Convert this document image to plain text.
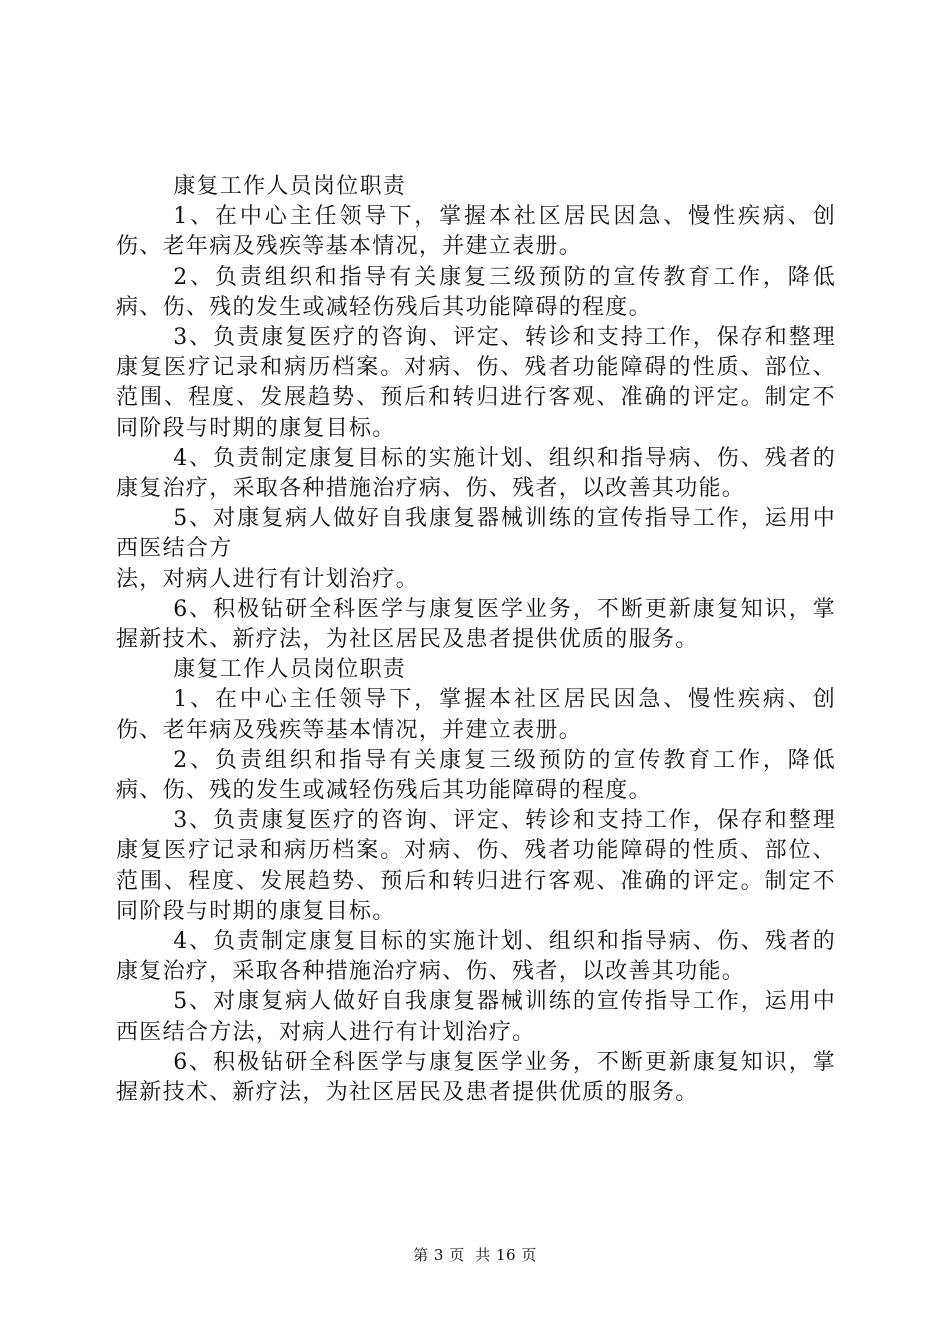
康复工作人员岗位职责

1、在中心主任领导下，掌握本社区居民因急、慢性疾病、创伤、老年病及残疾等基本情况，并建立表册。

2、负责组织和指导有关康复三级预防的宣传教育工作，降低病、伤、残的发生或减轻伤残后其功能障碍的程度。

3、负责康复医疗的咨询、评定、转诊和支持工作，保存和整理康复医疗记录和病历档案。对病、伤、残者功能障碍的性质、部位、范围、程度、发展趋势、预后和转归进行客观、准确的评定。制定不同阶段与时期的康复目标。

4、负责制定康复目标的实施计划、组织和指导病、伤、残者的康复治疗，采取各种措施治疗病、伤、残者，以改善其功能。

5、对康复病人做好自我康复器械训练的宣传指导工作，运用中西医结合方

法，对病人进行有计划治疗。

6、积极钻研全科医学与康复医学业务，不断更新康复知识，掌握新技术、新疗法，为社区居民及患者提供优质的服务。

康复工作人员岗位职责

1、在中心主任领导下，掌握本社区居民因急、慢性疾病、创伤、老年病及残疾等基本情况，并建立表册。

2、负责组织和指导有关康复三级预防的宣传教育工作，降低病、伤、残的发生或减轻伤残后其功能障碍的程度。

3、负责康复医疗的咨询、评定、转诊和支持工作，保存和整理康复医疗记录和病历档案。对病、伤、残者功能障碍的性质、部位、范围、程度、发展趋势、预后和转归进行客观、准确的评定。制定不同阶段与时期的康复目标。

4、负责制定康复目标的实施计划、组织和指导病、伤、残者的康复治疗，采取各种措施治疗病、伤、残者，以改善其功能。

5、对康复病人做好自我康复器械训练的宣传指导工作，运用中西医结合方法，对病人进行有计划治疗。

6、积极钻研全科医学与康复医学业务，不断更新康复知识，掌握新技术、新疗法，为社区居民及患者提供优质的服务。

第 3 页  共 16 页
